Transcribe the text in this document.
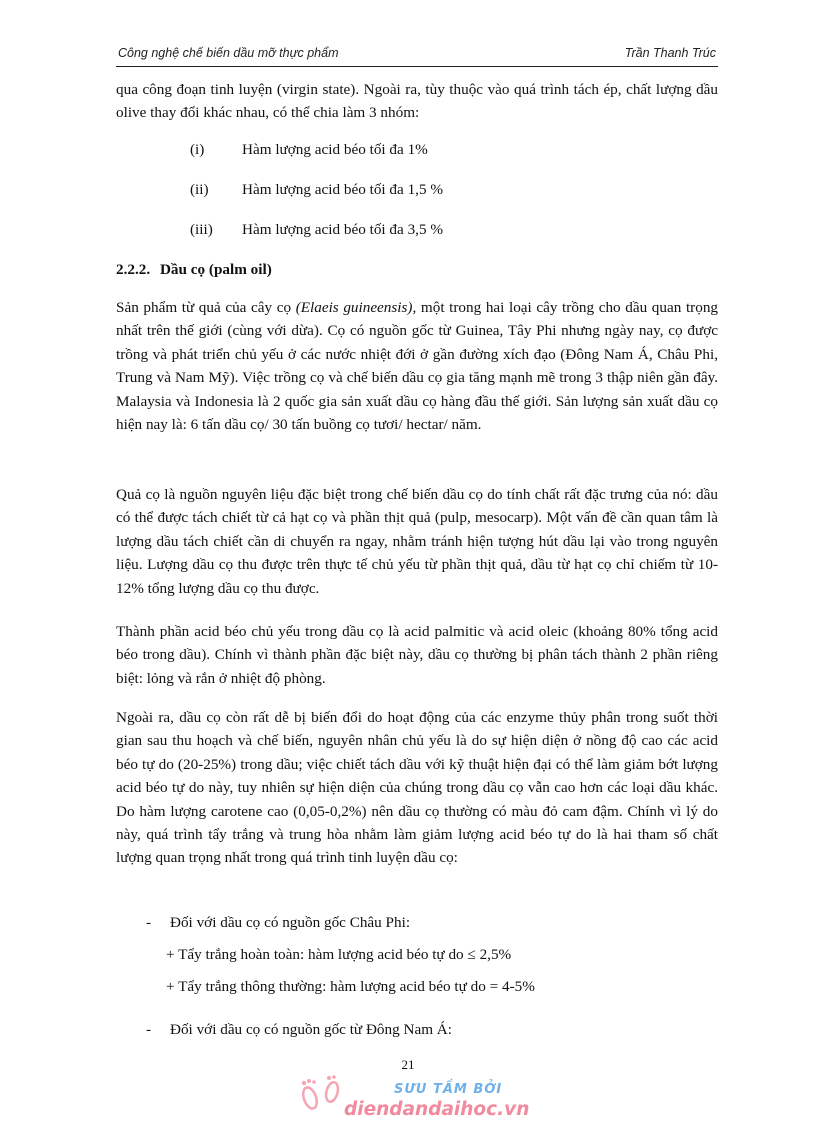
Công nghệ chế biến dầu mỡ thực phẩm	Trần Thanh Trúc

qua công đoạn tinh luyện (virgin state). Ngoài ra, tùy thuộc vào quá trình tách ép, chất lượng dầu olive thay đổi khác nhau, có thể chia làm 3 nhóm:

(i) Hàm lượng acid béo tối đa 1%
(ii) Hàm lượng acid béo tối đa 1,5 %
(iii) Hàm lượng acid béo tối đa 3,5 %
2.2.2. Dầu cọ (palm oil)

Sản phẩm từ quả của cây cọ (Elaeis guineensis), một trong hai loại cây trồng cho dầu quan trọng nhất trên thế giới (cùng với dừa). Cọ có nguồn gốc từ Guinea, Tây Phi nhưng ngày nay, cọ được trồng và phát triển chủ yếu ở các nước nhiệt đới ở gần đường xích đạo (Đông Nam Á, Châu Phi, Trung và Nam Mỹ). Việc trồng cọ và chế biến dầu cọ gia tăng mạnh mẽ trong 3 thập niên gần đây. Malaysia và Indonesia là 2 quốc gia sản xuất dầu cọ hàng đầu thế giới. Sản lượng sản xuất dầu cọ hiện nay là: 6 tấn dầu cọ/ 30 tấn buồng cọ tươi/ hectar/ năm.

Quả cọ là nguồn nguyên liệu đặc biệt trong chế biến dầu cọ do tính chất rất đặc trưng của nó: dầu có thể được tách chiết từ cả hạt cọ và phần thịt quả (pulp, mesocarp). Một vấn đề cần quan tâm là lượng dầu tách chiết cần di chuyển ra ngay, nhằm tránh hiện tượng hút dầu lại vào trong nguyên liệu. Lượng dầu cọ thu được trên thực tế chủ yếu từ phần thịt quả, dầu từ hạt cọ chỉ chiếm từ 10-12% tổng lượng dầu cọ thu được.

Thành phần acid béo chủ yếu trong dầu cọ là acid palmitic và acid oleic (khoảng 80% tổng acid béo trong dầu). Chính vì thành phần đặc biệt này, dầu cọ thường bị phân tách thành 2 phần riêng biệt: lỏng và rắn ở nhiệt độ phòng.

Ngoài ra, dầu cọ còn rất dễ bị biến đổi do hoạt động của các enzyme thủy phân trong suốt thời gian sau thu hoạch và chế biến, nguyên nhân chủ yếu là do sự hiện diện ở nồng độ cao các acid béo tự do (20-25%) trong dầu; việc chiết tách dầu với kỹ thuật hiện đại có thể làm giảm bớt lượng acid béo tự do này, tuy nhiên sự hiện diện của chúng trong dầu cọ vẫn cao hơn các loại dầu khác. Do hàm lượng carotene cao (0,05-0,2%) nên dầu cọ thường có màu đỏ cam đậm. Chính vì lý do này, quá trình tẩy trắng và trung hòa nhằm làm giảm lượng acid béo tự do là hai tham số chất lượng quan trọng nhất trong quá trình tinh luyện dầu cọ:

- Đối với dầu cọ có nguồn gốc Châu Phi:
+ Tẩy trắng hoàn toàn: hàm lượng acid béo tự do ≤ 2,5%
+ Tẩy trắng thông thường: hàm lượng acid béo tự do = 4-5%
- Đối với dầu cọ có nguồn gốc từ Đông Nam Á:
21
SƯU TẦM BỞI
diendandaihoc.vn
